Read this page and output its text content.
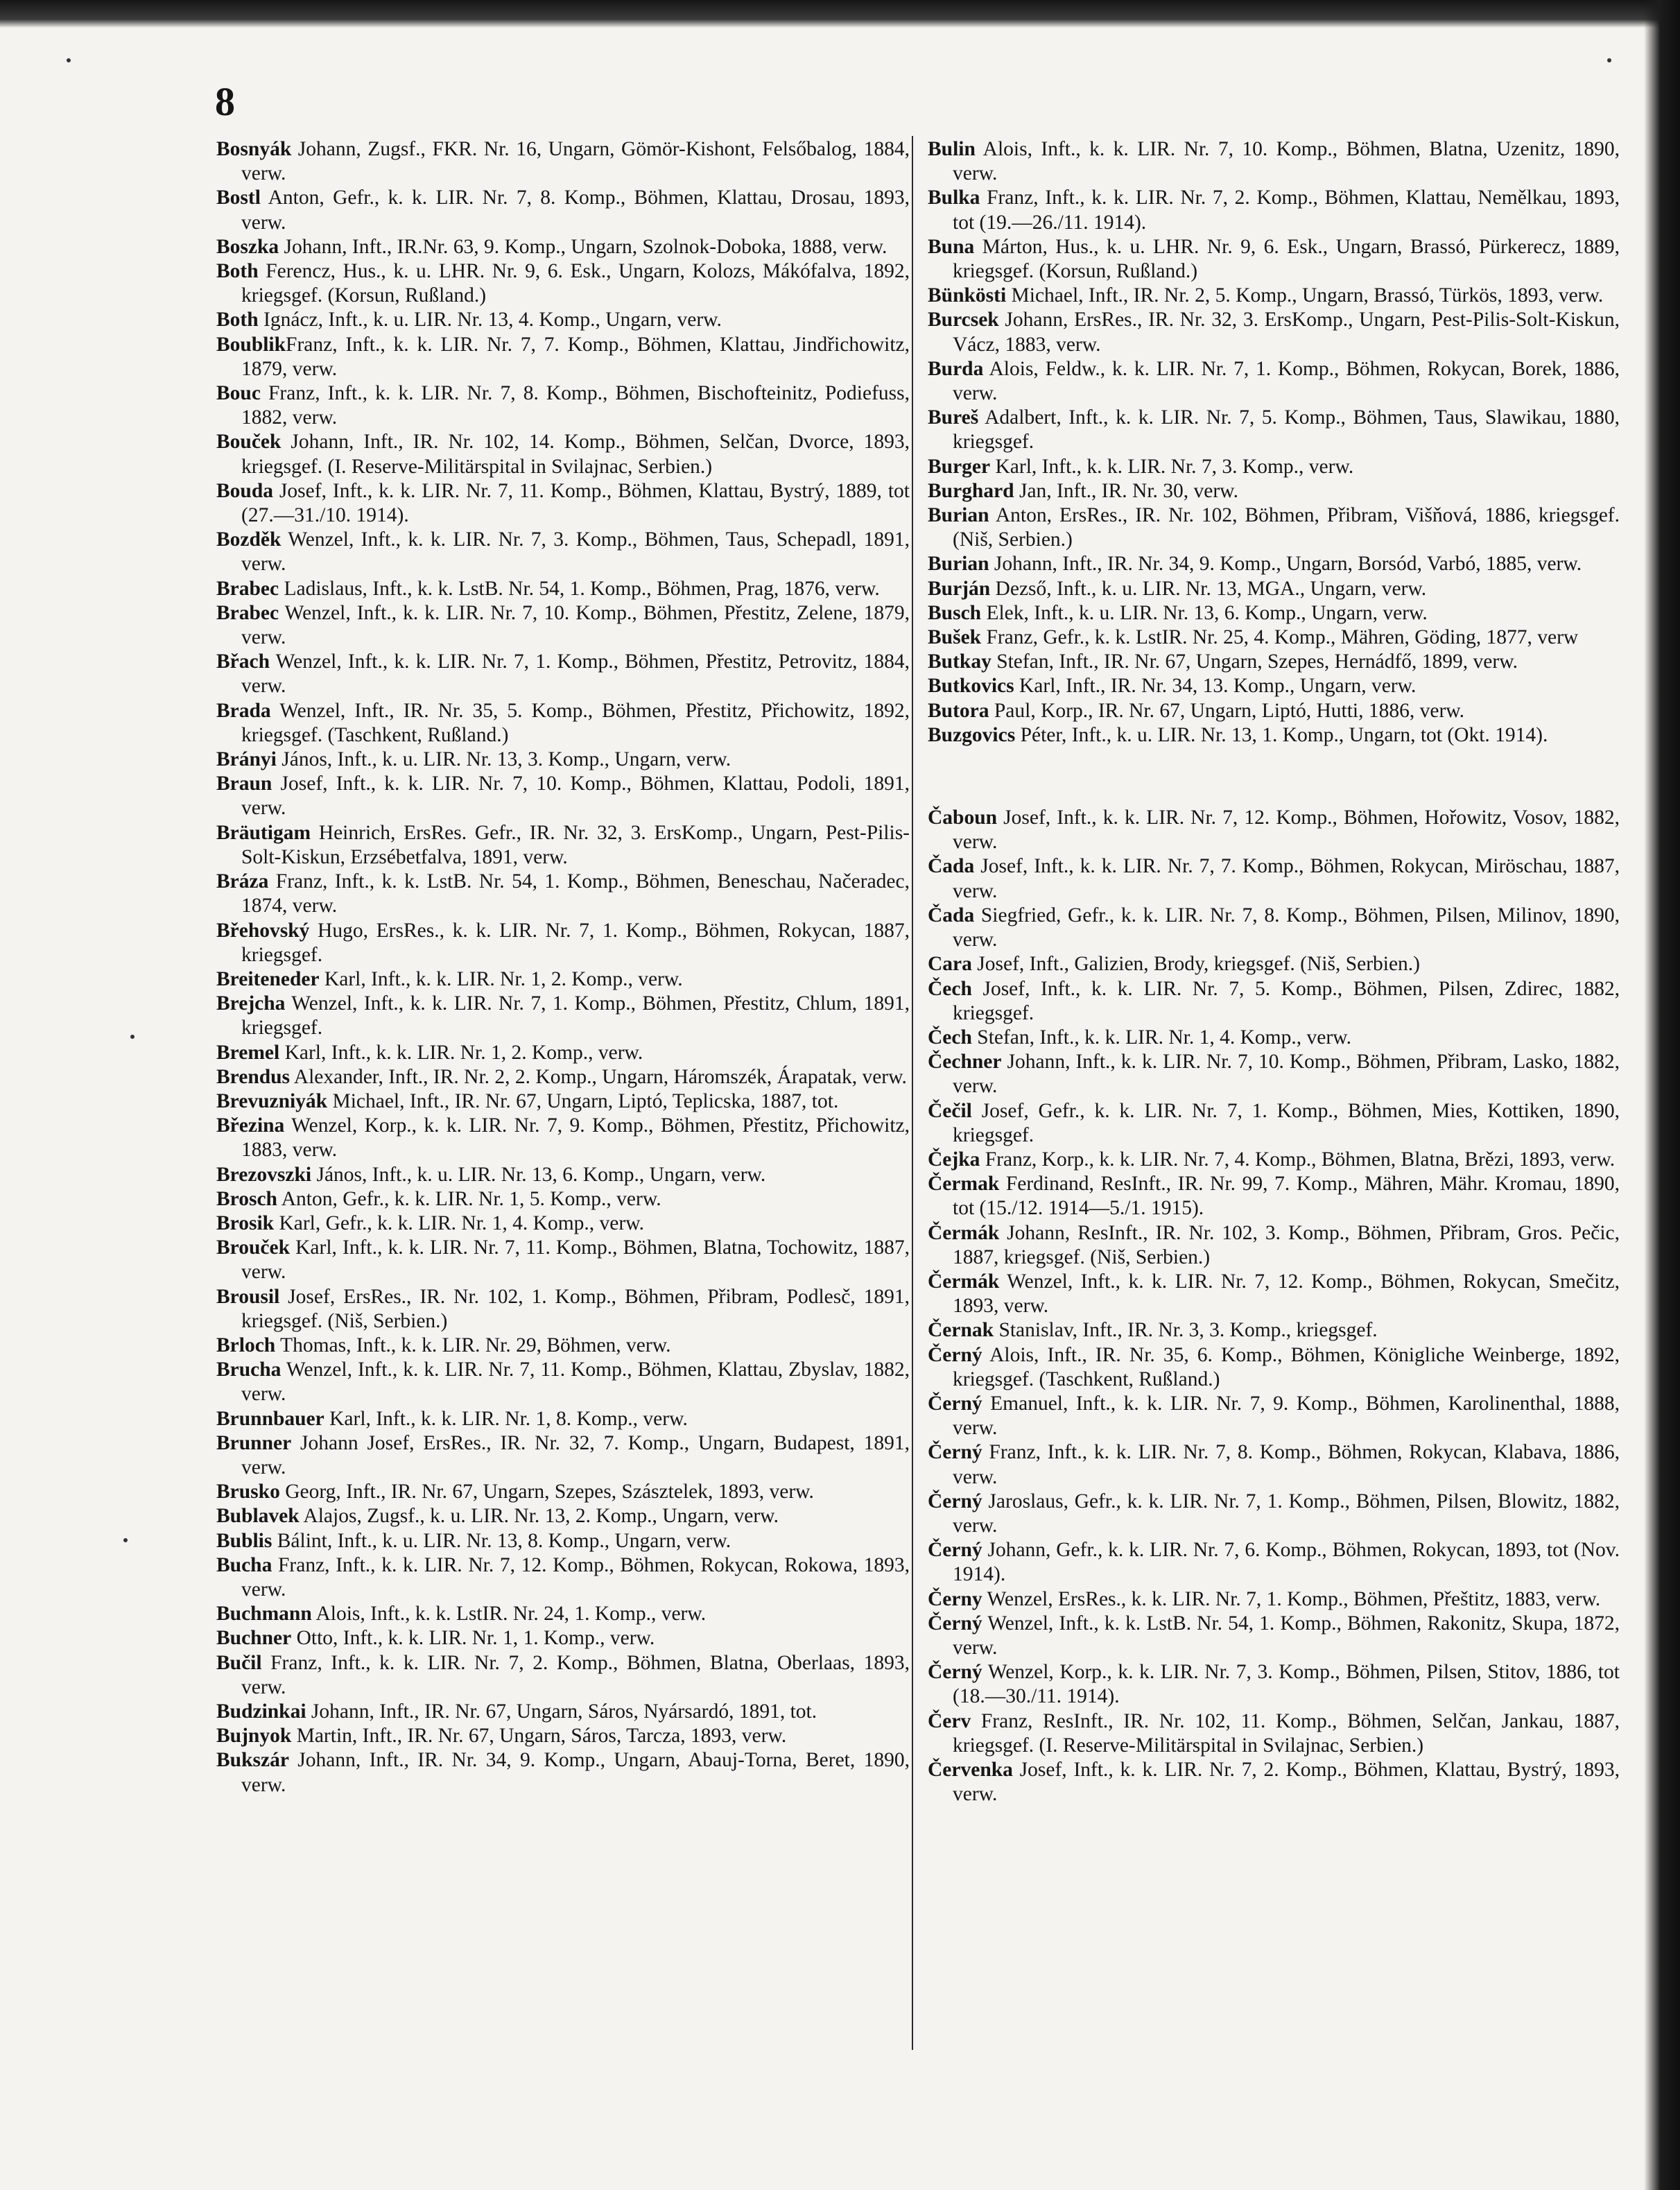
8

Bosnyák Johann, Zugsf., FKR. Nr. 16, Ungarn, Gömör-Kishont, Felsőbalog, 1884, verw.

Bostl Anton, Gefr., k. k. LIR. Nr. 7, 8. Komp., Böhmen, Klattau, Drosau, 1893, verw.

Boszka Johann, Inft., IR.Nr. 63, 9. Komp., Ungarn, Szolnok-Doboka, 1888, verw.

Both Ferencz, Hus., k. u. LHR. Nr. 9, 6. Esk., Ungarn, Kolozs, Mákófalva, 1892, kriegsgef. (Korsun, Rußland.)

Both Ignácz, Inft., k. u. LIR. Nr. 13, 4. Komp., Ungarn, verw.

BoublikFranz, Inft., k. k. LIR. Nr. 7, 7. Komp., Böhmen, Klattau, Jindřichowitz, 1879, verw.

Bouc Franz, Inft., k. k. LIR. Nr. 7, 8. Komp., Böhmen, Bischofteinitz, Podiefuss, 1882, verw.

Bouček Johann, Inft., IR. Nr. 102, 14. Komp., Böhmen, Selčan, Dvorce, 1893, kriegsgef. (I. Reserve-Militärspital in Svilajnac, Serbien.)

Bouda Josef, Inft., k. k. LIR. Nr. 7, 11. Komp., Böhmen, Klattau, Bystrý, 1889, tot (27.—31./10. 1914).

Bozděk Wenzel, Inft., k. k. LIR. Nr. 7, 3. Komp., Böhmen, Taus, Schepadl, 1891, verw.

Brabec Ladislaus, Inft., k. k. LstB. Nr. 54, 1. Komp., Böhmen, Prag, 1876, verw.

Brabec Wenzel, Inft., k. k. LIR. Nr. 7, 10. Komp., Böhmen, Přestitz, Zelene, 1879, verw.

Břach Wenzel, Inft., k. k. LIR. Nr. 7, 1. Komp., Böhmen, Přestitz, Petrovitz, 1884, verw.

Brada Wenzel, Inft., IR. Nr. 35, 5. Komp., Böhmen, Přestitz, Přichowitz, 1892, kriegsgef. (Taschkent, Rußland.)

Brányi János, Inft., k. u. LIR. Nr. 13, 3. Komp., Ungarn, verw.

Braun Josef, Inft., k. k. LIR. Nr. 7, 10. Komp., Böhmen, Klattau, Podoli, 1891, verw.

Bräutigam Heinrich, ErsRes. Gefr., IR. Nr. 32, 3. ErsKomp., Ungarn, Pest-Pilis-Solt-Kiskun, Erzsébetfalva, 1891, verw.

Bráza Franz, Inft., k. k. LstB. Nr. 54, 1. Komp., Böhmen, Beneschau, Načeradec, 1874, verw.

Břehovský Hugo, ErsRes., k. k. LIR. Nr. 7, 1. Komp., Böhmen, Rokycan, 1887, kriegsgef.

Breiteneder Karl, Inft., k. k. LIR. Nr. 1, 2. Komp., verw.

Brejcha Wenzel, Inft., k. k. LIR. Nr. 7, 1. Komp., Böhmen, Přestitz, Chlum, 1891, kriegsgef.

Bremel Karl, Inft., k. k. LIR. Nr. 1, 2. Komp., verw.

Brendus Alexander, Inft., IR. Nr. 2, 2. Komp., Ungarn, Háromszék, Árapatak, verw.

Brevuzniyák Michael, Inft., IR. Nr. 67, Ungarn, Liptó, Teplicska, 1887, tot.

Březina Wenzel, Korp., k. k. LIR. Nr. 7, 9. Komp., Böhmen, Přestitz, Přichowitz, 1883, verw.

Brezovszki János, Inft., k. u. LIR. Nr. 13, 6. Komp., Ungarn, verw.

Brosch Anton, Gefr., k. k. LIR. Nr. 1, 5. Komp., verw.

Brosik Karl, Gefr., k. k. LIR. Nr. 1, 4. Komp., verw.

Brouček Karl, Inft., k. k. LIR. Nr. 7, 11. Komp., Böhmen, Blatna, Tochowitz, 1887, verw.

Brousil Josef, ErsRes., IR. Nr. 102, 1. Komp., Böhmen, Přibram, Podlesč, 1891, kriegsgef. (Niš, Serbien.)

Brloch Thomas, Inft., k. k. LIR. Nr. 29, Böhmen, verw.

Brucha Wenzel, Inft., k. k. LIR. Nr. 7, 11. Komp., Böhmen, Klattau, Zbyslav, 1882, verw.

Brunnbauer Karl, Inft., k. k. LIR. Nr. 1, 8. Komp., verw.

Brunner Johann Josef, ErsRes., IR. Nr. 32, 7. Komp., Ungarn, Budapest, 1891, verw.

Brusko Georg, Inft., IR. Nr. 67, Ungarn, Szepes, Szásztelek, 1893, verw.

Bublavek Alajos, Zugsf., k. u. LIR. Nr. 13, 2. Komp., Ungarn, verw.

Bublis Bálint, Inft., k. u. LIR. Nr. 13, 8. Komp., Ungarn, verw.

Bucha Franz, Inft., k. k. LIR. Nr. 7, 12. Komp., Böhmen, Rokycan, Rokowa, 1893, verw.

Buchmann Alois, Inft., k. k. LstIR. Nr. 24, 1. Komp., verw.

Buchner Otto, Inft., k. k. LIR. Nr. 1, 1. Komp., verw.

Bučil Franz, Inft., k. k. LIR. Nr. 7, 2. Komp., Böhmen, Blatna, Oberlaas, 1893, verw.

Budzinkai Johann, Inft., IR. Nr. 67, Ungarn, Sáros, Nyársardó, 1891, tot.

Bujnyok Martin, Inft., IR. Nr. 67, Ungarn, Sáros, Tarcza, 1893, verw.

Bukszár Johann, Inft., IR. Nr. 34, 9. Komp., Ungarn, Abauj-Torna, Beret, 1890, verw.

Bulin Alois, Inft., k. k. LIR. Nr. 7, 10. Komp., Böhmen, Blatna, Uzenitz, 1890, verw.

Bulka Franz, Inft., k. k. LIR. Nr. 7, 2. Komp., Böhmen, Klattau, Nemělkau, 1893, tot (19.—26./11. 1914).

Buna Márton, Hus., k. u. LHR. Nr. 9, 6. Esk., Ungarn, Brassó, Pürkerecz, 1889, kriegsgef. (Korsun, Rußland.)

Bünkösti Michael, Inft., IR. Nr. 2, 5. Komp., Ungarn, Brassó, Türkös, 1893, verw.

Burcsek Johann, ErsRes., IR. Nr. 32, 3. ErsKomp., Ungarn, Pest-Pilis-Solt-Kiskun, Vácz, 1883, verw.

Burda Alois, Feldw., k. k. LIR. Nr. 7, 1. Komp., Böhmen, Rokycan, Borek, 1886, verw.

Bureš Adalbert, Inft., k. k. LIR. Nr. 7, 5. Komp., Böhmen, Taus, Slawikau, 1880, kriegsgef.

Burger Karl, Inft., k. k. LIR. Nr. 7, 3. Komp., verw.

Burghard Jan, Inft., IR. Nr. 30, verw.

Burian Anton, ErsRes., IR. Nr. 102, Böhmen, Přibram, Višňová, 1886, kriegsgef. (Niš, Serbien.)

Burian Johann, Inft., IR. Nr. 34, 9. Komp., Ungarn, Borsód, Varbó, 1885, verw.

Burján Dezső, Inft., k. u. LIR. Nr. 13, MGA., Ungarn, verw.

Busch Elek, Inft., k. u. LIR. Nr. 13, 6. Komp., Ungarn, verw.

Bušek Franz, Gefr., k. k. LstIR. Nr. 25, 4. Komp., Mähren, Göding, 1877, verw

Butkay Stefan, Inft., IR. Nr. 67, Ungarn, Szepes, Hernádfő, 1899, verw.

Butkovics Karl, Inft., IR. Nr. 34, 13. Komp., Ungarn, verw.

Butora Paul, Korp., IR. Nr. 67, Ungarn, Liptó, Hutti, 1886, verw.

Buzgovics Péter, Inft., k. u. LIR. Nr. 13, 1. Komp., Ungarn, tot (Okt. 1914).

Čaboun Josef, Inft., k. k. LIR. Nr. 7, 12. Komp., Böhmen, Hořowitz, Vosov, 1882, verw.

Čada Josef, Inft., k. k. LIR. Nr. 7, 7. Komp., Böhmen, Rokycan, Miröschau, 1887, verw.

Čada Siegfried, Gefr., k. k. LIR. Nr. 7, 8. Komp., Böhmen, Pilsen, Milinov, 1890, verw.

Cara Josef, Inft., Galizien, Brody, kriegsgef. (Niš, Serbien.)

Čech Josef, Inft., k. k. LIR. Nr. 7, 5. Komp., Böhmen, Pilsen, Zdirec, 1882, kriegsgef.

Čech Stefan, Inft., k. k. LIR. Nr. 1, 4. Komp., verw.

Čechner Johann, Inft., k. k. LIR. Nr. 7, 10. Komp., Böhmen, Přibram, Lasko, 1882, verw.

Čečil Josef, Gefr., k. k. LIR. Nr. 7, 1. Komp., Böhmen, Mies, Kottiken, 1890, kriegsgef.

Čejka Franz, Korp., k. k. LIR. Nr. 7, 4. Komp., Böhmen, Blatna, Brězi, 1893, verw.

Čermak Ferdinand, ResInft., IR. Nr. 99, 7. Komp., Mähren, Mähr. Kromau, 1890, tot (15./12. 1914—5./1. 1915).

Čermák Johann, ResInft., IR. Nr. 102, 3. Komp., Böhmen, Přibram, Gros. Pečic, 1887, kriegsgef. (Niš, Serbien.)

Čermák Wenzel, Inft., k. k. LIR. Nr. 7, 12. Komp., Böhmen, Rokycan, Smečitz, 1893, verw.

Černak Stanislav, Inft., IR. Nr. 3, 3. Komp., kriegsgef.

Černý Alois, Inft., IR. Nr. 35, 6. Komp., Böhmen, Königliche Weinberge, 1892, kriegsgef. (Taschkent, Rußland.)

Černý Emanuel, Inft., k. k. LIR. Nr. 7, 9. Komp., Böhmen, Karolinenthal, 1888, verw.

Černý Franz, Inft., k. k. LIR. Nr. 7, 8. Komp., Böhmen, Rokycan, Klabava, 1886, verw.

Černý Jaroslaus, Gefr., k. k. LIR. Nr. 7, 1. Komp., Böhmen, Pilsen, Blowitz, 1882, verw.

Černý Johann, Gefr., k. k. LIR. Nr. 7, 6. Komp., Böhmen, Rokycan, 1893, tot (Nov. 1914).

Černy Wenzel, ErsRes., k. k. LIR. Nr. 7, 1. Komp., Böhmen, Přeštitz, 1883, verw.

Černý Wenzel, Inft., k. k. LstB. Nr. 54, 1. Komp., Böhmen, Rakonitz, Skupa, 1872, verw.

Černý Wenzel, Korp., k. k. LIR. Nr. 7, 3. Komp., Böhmen, Pilsen, Stitov, 1886, tot (18.—30./11. 1914).

Červ Franz, ResInft., IR. Nr. 102, 11. Komp., Böhmen, Selčan, Jankau, 1887, kriegsgef. (I. Reserve-Militärspital in Svilajnac, Serbien.)

Červenka Josef, Inft., k. k. LIR. Nr. 7, 2. Komp., Böhmen, Klattau, Bystrý, 1893, verw.
